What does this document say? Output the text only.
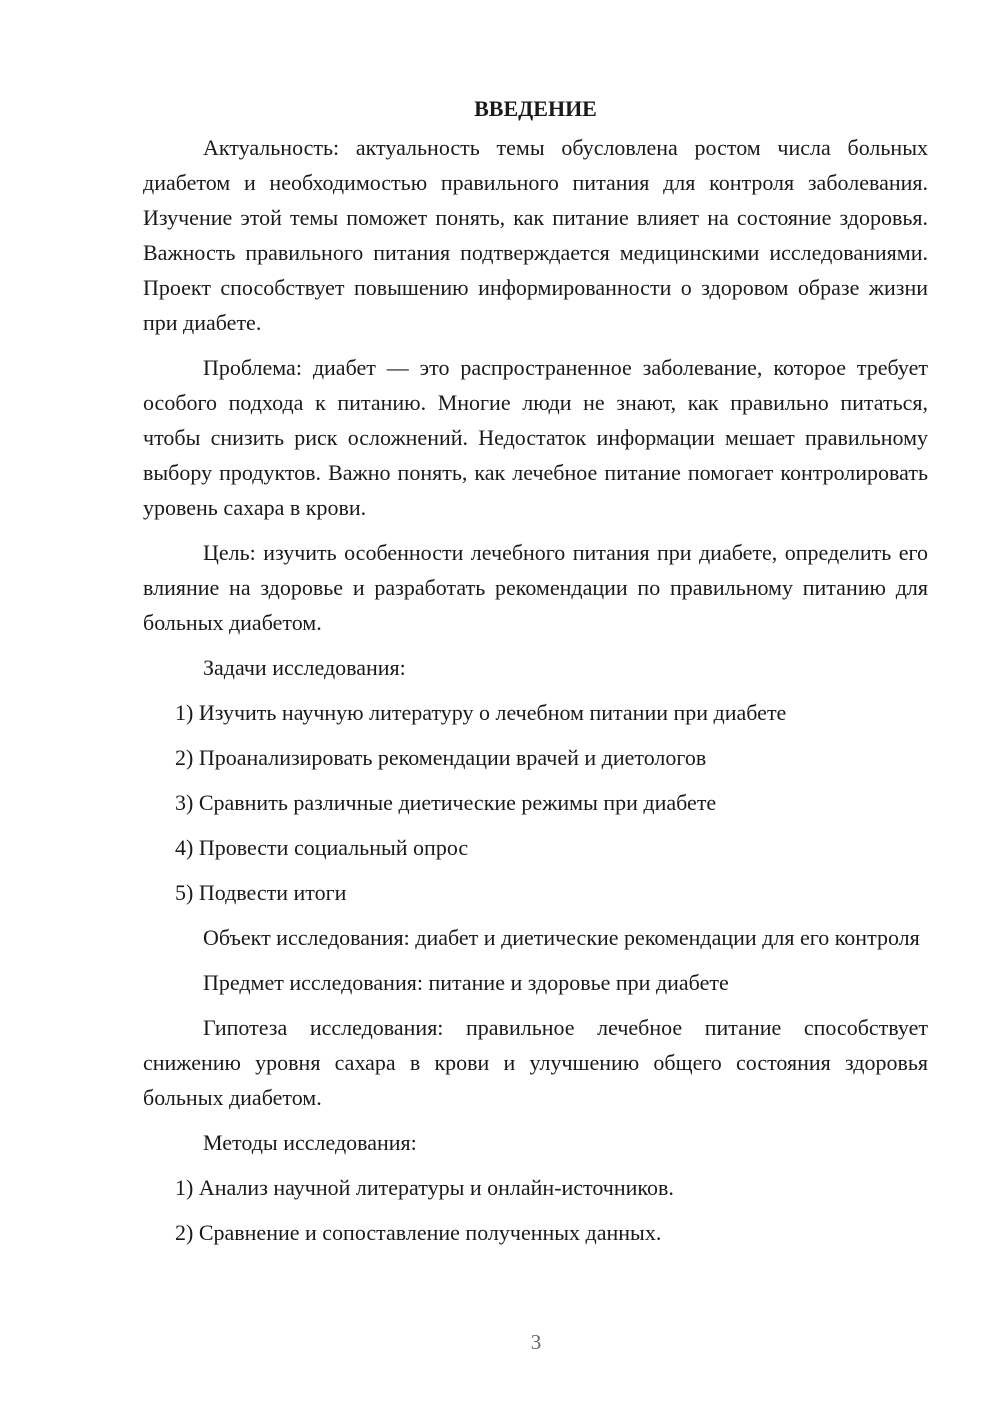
ВВЕДЕНИЕ

Актуальность: актуальность темы обусловлена ростом числа больных диабетом и необходимостью правильного питания для контроля заболевания. Изучение этой темы поможет понять, как питание влияет на состояние здоровья. Важность правильного питания подтверждается медицинскими исследованиями. Проект способствует повышению информированности о здоровом образе жизни при диабете.

Проблема: диабет — это распространенное заболевание, которое требует особого подхода к питанию. Многие люди не знают, как правильно питаться, чтобы снизить риск осложнений. Недостаток информации мешает правильному выбору продуктов. Важно понять, как лечебное питание помогает контролировать уровень сахара в крови.

Цель: изучить особенности лечебного питания при диабете, определить его влияние на здоровье и разработать рекомендации по правильному питанию для больных диабетом.

Задачи исследования:

1) Изучить научную литературу о лечебном питании при диабете
2) Проанализировать рекомендации врачей и диетологов
3) Сравнить различные диетические режимы при диабете
4) Провести социальный опрос
5) Подвести итоги

Объект исследования: диабет и диетические рекомендации для его контроля

Предмет исследования: питание и здоровье при диабете

Гипотеза исследования: правильное лечебное питание способствует снижению уровня сахара в крови и улучшению общего состояния здоровья больных диабетом.

Методы исследования:

1) Анализ научной литературы и онлайн-источников.
2) Сравнение и сопоставление полученных данных.
3
